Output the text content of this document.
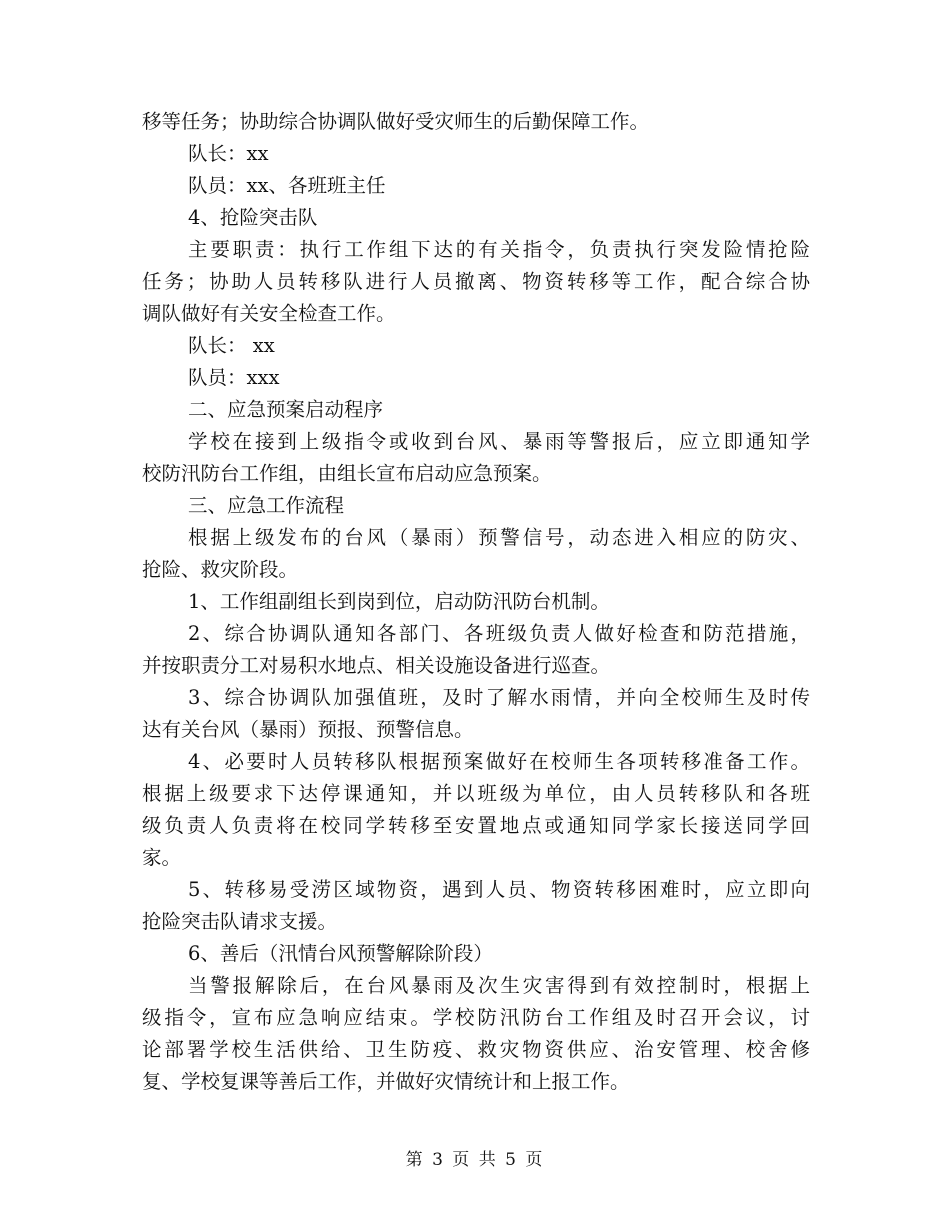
移等任务；协助综合协调队做好受灾师生的后勤保障工作。
队长：xx
队员：xx、各班班主任
4、抢险突击队
主要职责：执行工作组下达的有关指令，负责执行突发险情抢险
任务；协助人员转移队进行人员撤离、物资转移等工作，配合综合协
调队做好有关安全检查工作。
队长： xx
队员：xxx
二、应急预案启动程序
学校在接到上级指令或收到台风、暴雨等警报后，应立即通知学
校防汛防台工作组，由组长宣布启动应急预案。
三、应急工作流程
根据上级发布的台风（暴雨）预警信号，动态进入相应的防灾、
抢险、救灾阶段。
1、工作组副组长到岗到位，启动防汛防台机制。
2、综合协调队通知各部门、各班级负责人做好检查和防范措施，
并按职责分工对易积水地点、相关设施设备进行巡查。
3、综合协调队加强值班，及时了解水雨情，并向全校师生及时传
达有关台风（暴雨）预报、预警信息。
4、必要时人员转移队根据预案做好在校师生各项转移准备工作。
根据上级要求下达停课通知，并以班级为单位，由人员转移队和各班
级负责人负责将在校同学转移至安置地点或通知同学家长接送同学回
家。
5、转移易受涝区域物资，遇到人员、物资转移困难时，应立即向
抢险突击队请求支援。
6、善后（汛情台风预警解除阶段）
当警报解除后，在台风暴雨及次生灾害得到有效控制时，根据上
级指令，宣布应急响应结束。学校防汛防台工作组及时召开会议，讨
论部署学校生活供给、卫生防疫、救灾物资供应、治安管理、校舍修
复、学校复课等善后工作，并做好灾情统计和上报工作。
第 3 页 共 5 页
